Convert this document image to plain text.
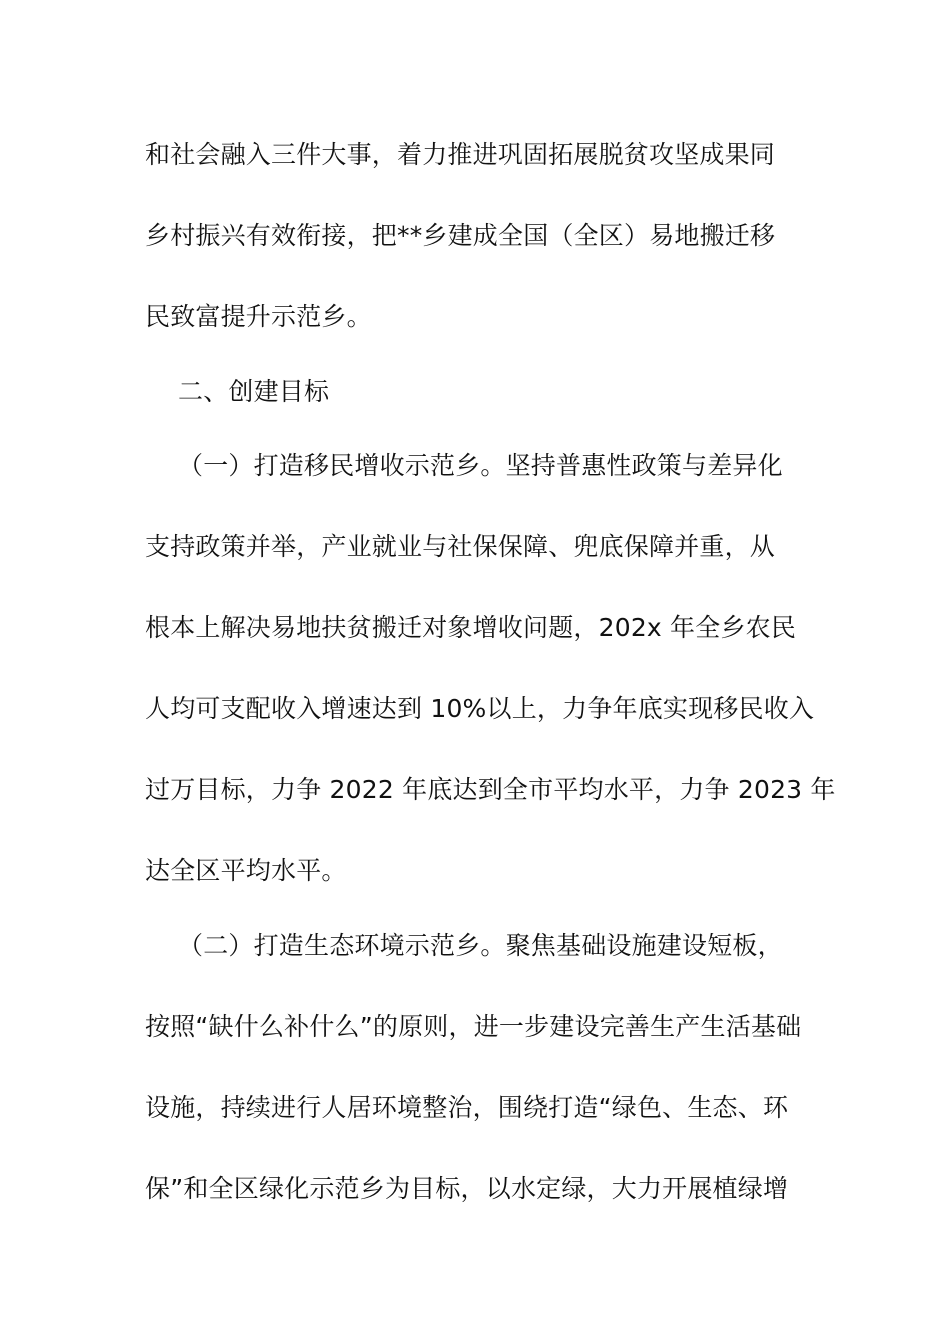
和社会融入三件大事，着力推进巩固拓展脱贫攻坚成果同
乡村振兴有效衔接，把**乡建成全国（全区）易地搬迁移
民致富提升示范乡。
二、创建目标
（一）打造移民增收示范乡。坚持普惠性政策与差异化
支持政策并举，产业就业与社保保障、兜底保障并重，从
根本上解决易地扶贫搬迁对象增收问题，202x 年全乡农民
人均可支配收入增速达到 10%以上，力争年底实现移民收入
过万目标，力争 2022 年底达到全市平均水平，力争 2023 年
达全区平均水平。
（二）打造生态环境示范乡。聚焦基础设施建设短板，
按照“缺什么补什么”的原则，进一步建设完善生产生活基础
设施，持续进行人居环境整治，围绕打造“绿色、生态、环
保”和全区绿化示范乡为目标，以水定绿，大力开展植绿增
